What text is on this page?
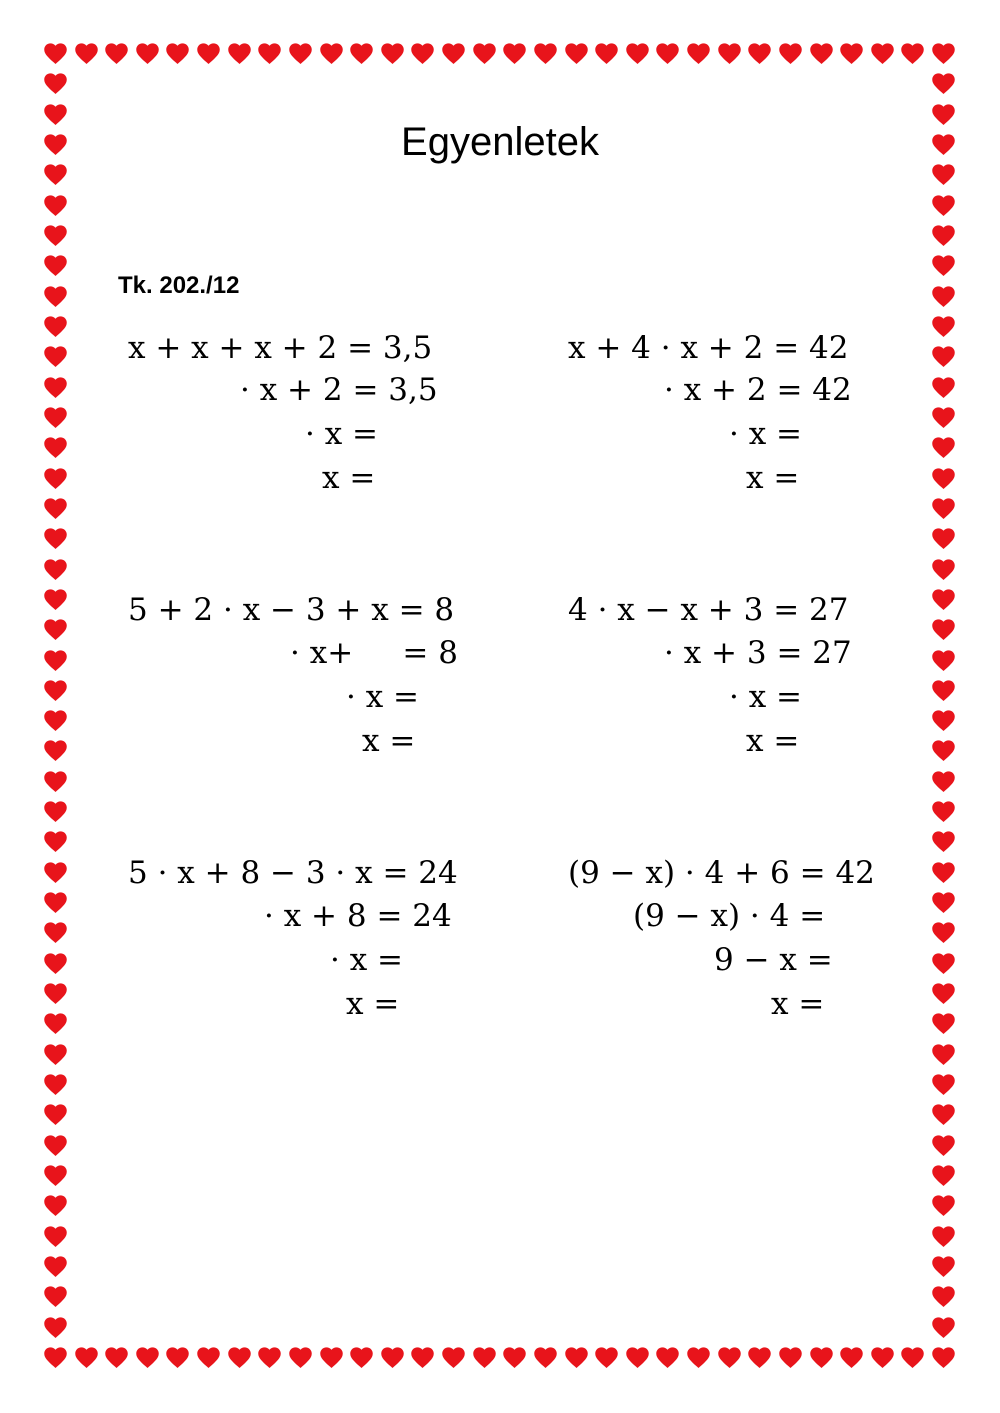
Egyenletek
Tk. 202./12
x + x + x + 2 = 3,5
· x + 2 = 3,5
· x =
x =
x + 4 · x + 2 = 42
· x + 2 = 42
· x =
x =
5 + 2 · x − 3 + x = 8
· x+     = 8
· x =
x =
4 · x − x + 3 = 27
· x + 3 = 27
· x =
x =
5 · x + 8 − 3 · x = 24
· x + 8 = 24
· x =
x =
(9 − x) · 4 + 6 = 42
(9 − x) · 4 =
9 − x =
x =
